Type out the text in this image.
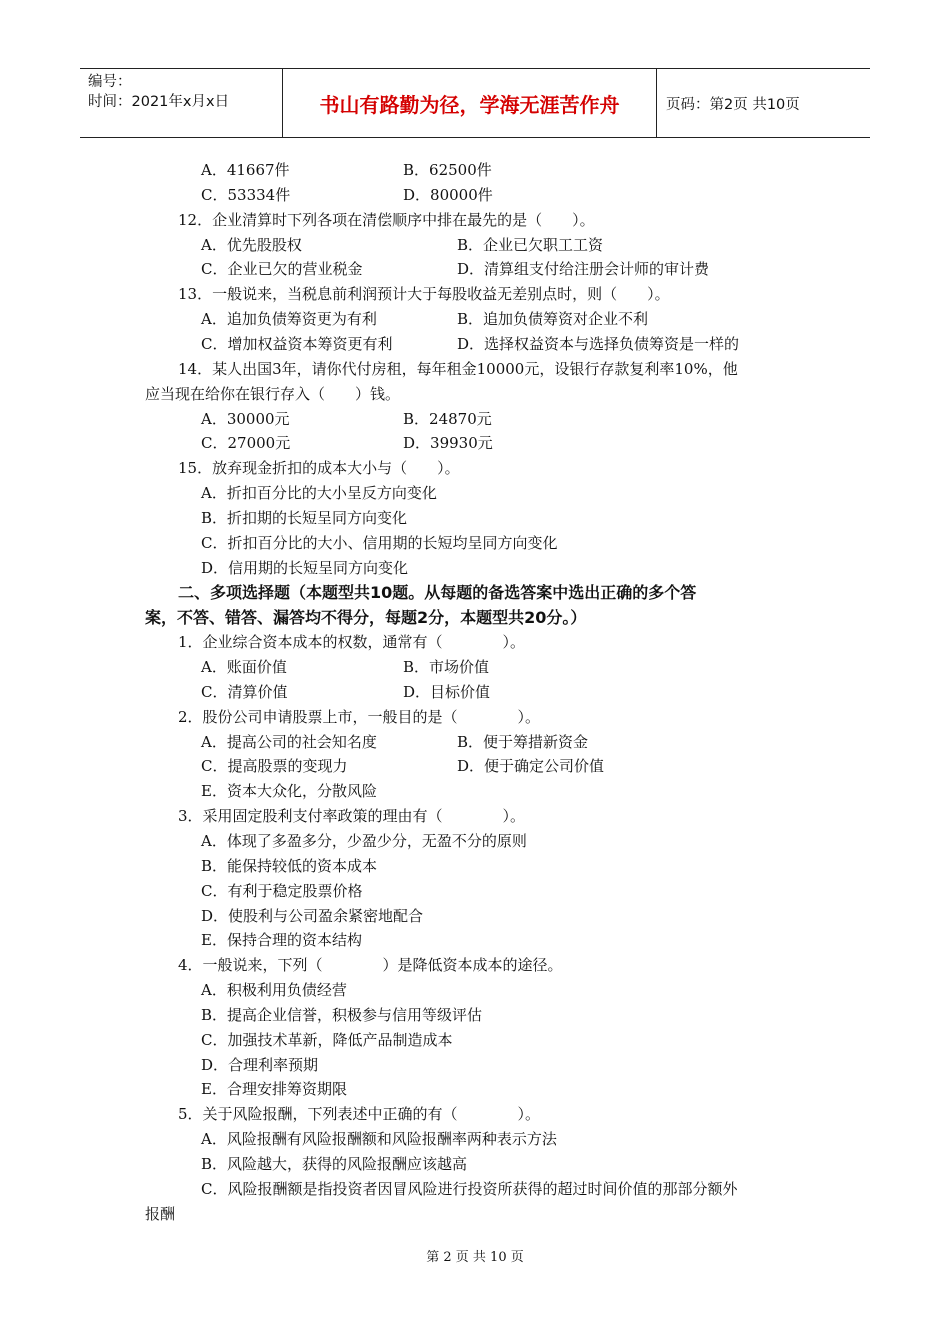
编号：
时间：2021年x月x日	书山有路勤为径，学海无涯苦作舟	页码：第2页 共10页
A．41667件	B．62500件
C．53334件	D．80000件
12．企业清算时下列各项在清偿顺序中排在最先的是（　　）。
A．优先股股权	B．企业已欠职工工资
C．企业已欠的营业税金	D．清算组支付给注册会计师的审计费
13．一般说来，当税息前利润预计大于每股收益无差别点时，则（　　）。
A．追加负债筹资更为有利	B．追加负债筹资对企业不利
C．增加权益资本筹资更有利	D．选择权益资本与选择负债筹资是一样的
14．某人出国3年，请你代付房租，每年租金10000元，设银行存款复利率10%，他
应当现在给你在银行存入（　　）钱。
A．30000元	B．24870元
C．27000元	D．39930元
15．放弃现金折扣的成本大小与（　　）。
A．折扣百分比的大小呈反方向变化
B．折扣期的长短呈同方向变化
C．折扣百分比的大小、信用期的长短均呈同方向变化
D．信用期的长短呈同方向变化
二、多项选择题（本题型共10题。从每题的备选答案中选出正确的多个答
案，不答、错答、漏答均不得分，每题2分，本题型共20分。）
1．企业综合资本成本的权数，通常有（　　　　）。
A．账面价值	B．市场价值
C．清算价值	D．目标价值
2．股份公司申请股票上市，一般目的是（　　　　）。
A．提高公司的社会知名度	B．便于筹措新资金
C．提高股票的变现力	D．便于确定公司价值
E．资本大众化，分散风险
3．采用固定股利支付率政策的理由有（　　　　）。
A．体现了多盈多分，少盈少分，无盈不分的原则
B．能保持较低的资本成本
C．有利于稳定股票价格
D．使股利与公司盈余紧密地配合
E．保持合理的资本结构
4．一般说来，下列（　　　　）是降低资本成本的途径。
A．积极利用负债经营
B．提高企业信誉，积极参与信用等级评估
C．加强技术革新，降低产品制造成本
D．合理利率预期
E．合理安排筹资期限
5．关于风险报酬，下列表述中正确的有（　　　　）。
A．风险报酬有风险报酬额和风险报酬率两种表示方法
B．风险越大，获得的风险报酬应该越高
C．风险报酬额是指投资者因冒风险进行投资所获得的超过时间价值的那部分额外
报酬
第 2 页 共 10 页
